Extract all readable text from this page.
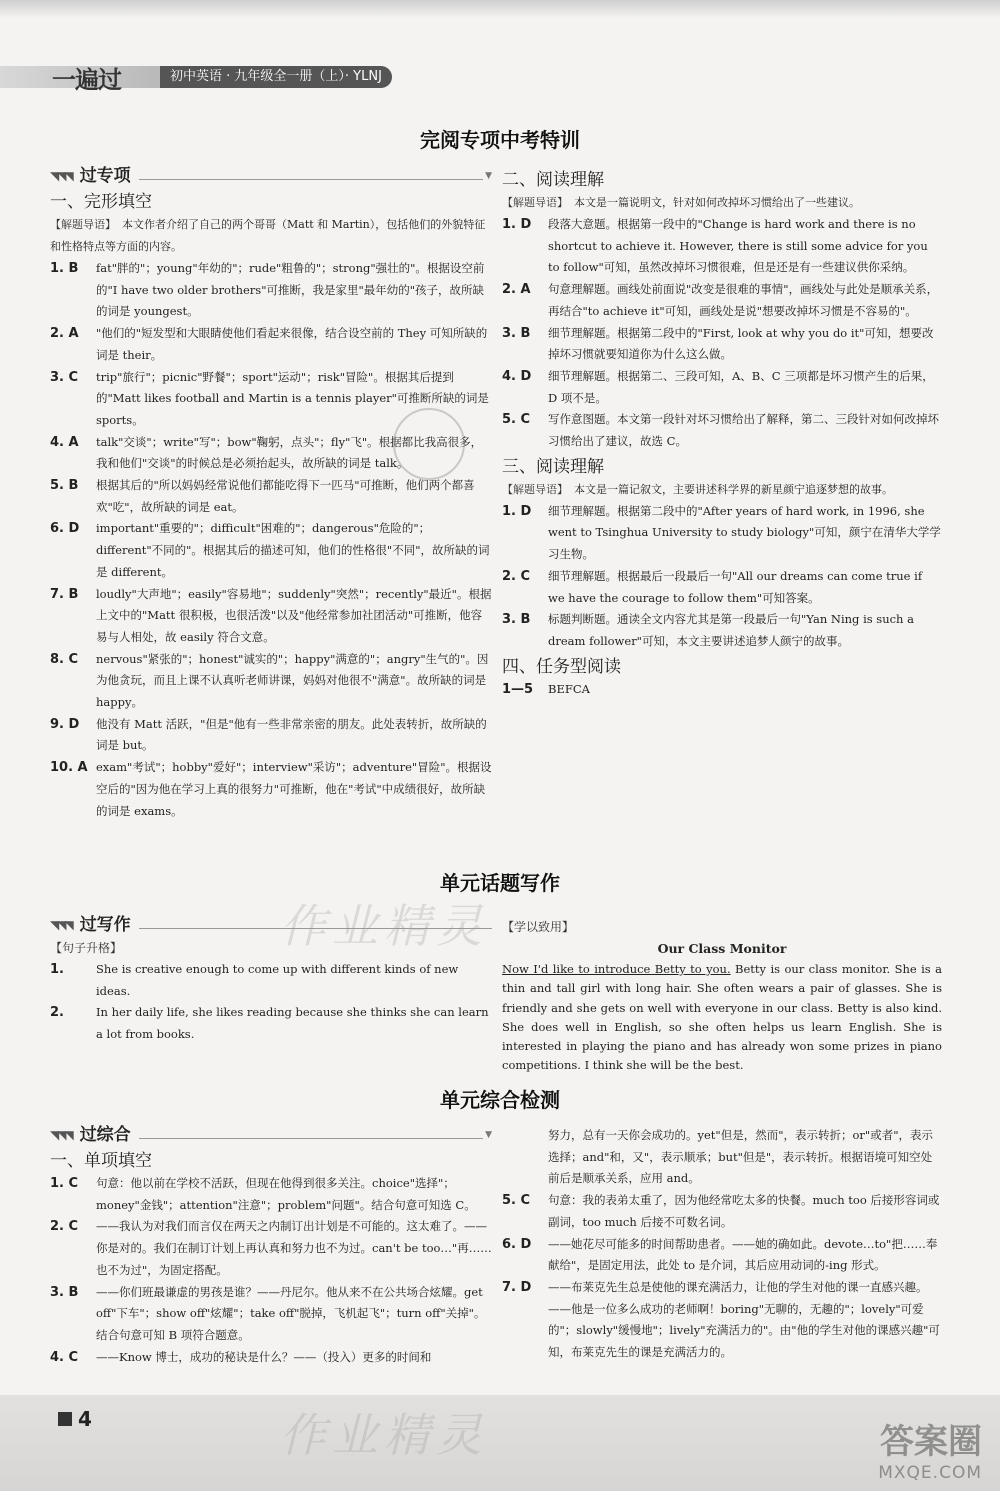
一遍过	初中英语 · 九年级全一册（上）· YLNJ
完阅专项中考特训
◥◥◥ 过专项	▼
一、完形填空
【解题导语】 本文作者介绍了自己的两个哥哥（Matt 和 Martin），包括他们的外貌特征和性格特点等方面的内容。
1. B	fat"胖的"；young"年幼的"；rude"粗鲁的"；strong"强壮的"。根据设空前的"I have two older brothers"可推断，我是家里"最年幼的"孩子，故所缺的词是 youngest。
2. A	"他们的"短发型和大眼睛使他们看起来很像，结合设空前的 They 可知所缺的词是 their。
3. C	trip"旅行"；picnic"野餐"；sport"运动"；risk"冒险"。根据其后提到的"Matt likes football and Martin is a tennis player"可推断所缺的词是 sports。
4. A	talk"交谈"；write"写"；bow"鞠躬，点头"；fly"飞"。根据都比我高很多，我和他们"交谈"的时候总是必须抬起头，故所缺的词是 talk。
5. B	根据其后的"所以妈妈经常说他们都能吃得下一匹马"可推断，他们两个都喜欢"吃"，故所缺的词是 eat。
6. D	important"重要的"；difficult"困难的"；dangerous"危险的"；different"不同的"。根据其后的描述可知，他们的性格很"不同"，故所缺的词是 different。
7. B	loudly"大声地"；easily"容易地"；suddenly"突然"；recently"最近"。根据上文中的"Matt 很积极，也很活泼"以及"他经常参加社团活动"可推断，他容易与人相处，故 easily 符合文意。
8. C	nervous"紧张的"；honest"诚实的"；happy"满意的"；angry"生气的"。因为他贪玩，而且上课不认真听老师讲课，妈妈对他很不"满意"。故所缺的词是 happy。
9. D	他没有 Matt 活跃，"但是"他有一些非常亲密的朋友。此处表转折，故所缺的词是 but。
10. A exam"考试"；hobby"爱好"；interview"采访"；adventure"冒险"。根据设空后的"因为他在学习上真的很努力"可推断，他在"考试"中成绩很好，故所缺的词是 exams。
二、阅读理解
【解题导语】 本文是一篇说明文，针对如何改掉坏习惯给出了一些建议。
1. D	段落大意题。根据第一段中的"Change is hard work and there is no shortcut to achieve it. However, there is still some advice for you to follow"可知，虽然改掉坏习惯很难，但是还是有一些建议供你采纳。
2. A	句意理解题。画线处前面说"改变是很难的事情"，画线处与此处是顺承关系，再结合"to achieve it"可知，画线处是说"想要改掉坏习惯是不容易的"。
3. B	细节理解题。根据第二段中的"First, look at why you do it"可知，想要改掉坏习惯就要知道你为什么这么做。
4. D	细节理解题。根据第二、三段可知，A、B、C 三项都是坏习惯产生的后果，D 项不是。
5. C	写作意图题。本文第一段针对坏习惯给出了解释，第二、三段针对如何改掉坏习惯给出了建议，故选 C。
三、阅读理解
【解题导语】 本文是一篇记叙文，主要讲述科学界的新星颜宁追逐梦想的故事。
1. D	细节理解题。根据第二段中的"After years of hard work, in 1996, she went to Tsinghua University to study biology"可知，颜宁在清华大学学习生物。
2. C	细节理解题。根据最后一段最后一句"All our dreams can come true if we have the courage to follow them"可知答案。
3. B	标题判断题。通读全文内容尤其是第一段最后一句"Yan Ning is such a dream follower"可知，本文主要讲述追梦人颜宁的故事。
四、任务型阅读
1—5	BEFCA
单元话题写作
◥◥◥ 过写作
【句子升格】
1.	She is creative enough to come up with different kinds of new ideas.
2.	In her daily life, she likes reading because she thinks she can learn a lot from books.
【学以致用】
Our Class Monitor
Now I'd like to introduce Betty to you. Betty is our class monitor. She is a thin and tall girl with long hair. She often wears a pair of glasses. She is friendly and she gets on well with everyone in our class. Betty is also kind. She does well in English, so she often helps us learn English. She is interested in playing the piano and has already won some prizes in piano competitions. I think she will be the best.
单元综合检测
◥◥◥ 过综合	▼
一、单项填空
1. C	句意：他以前在学校不活跃，但现在他得到很多关注。choice"选择"；money"金钱"；attention"注意"；problem"问题"。结合句意可知选 C。
2. C	——我认为对我们而言仅在两天之内制订出计划是不可能的。这太难了。——你是对的。我们在制订计划上再认真和努力也不为过。can't be too…"再……也不为过"，为固定搭配。
3. B	——你们班最谦虚的男孩是谁？——丹尼尔。他从来不在公共场合炫耀。get off"下车"；show off"炫耀"；take off"脱掉，飞机起飞"；turn off"关掉"。结合句意可知 B 项符合题意。
4. C	——Know 博士，成功的秘诀是什么？——（投入）更多的时间和
努力，总有一天你会成功的。yet"但是，然而"，表示转折；or"或者"，表示选择；and"和，又"，表示顺承；but"但是"，表示转折。根据语境可知空处前后是顺承关系，应用 and。
5. C	句意：我的表弟太重了，因为他经常吃太多的快餐。much too 后接形容词或副词，too much 后接不可数名词。
6. D	——她花尽可能多的时间帮助患者。——她的确如此。devote…to"把……奉献给"，是固定用法，此处 to 是介词，其后应用动词的-ing 形式。
7. D	——布莱克先生总是使他的课充满活力，让他的学生对他的课一直感兴趣。——他是一位多么成功的老师啊！boring"无聊的，无趣的"；lovely"可爱的"；slowly"缓慢地"；lively"充满活力的"。由"他的学生对他的课感兴趣"可知，布莱克先生的课是充满活力的。
作业精灵
4	作业精灵	答案圈
MXQE.COM
